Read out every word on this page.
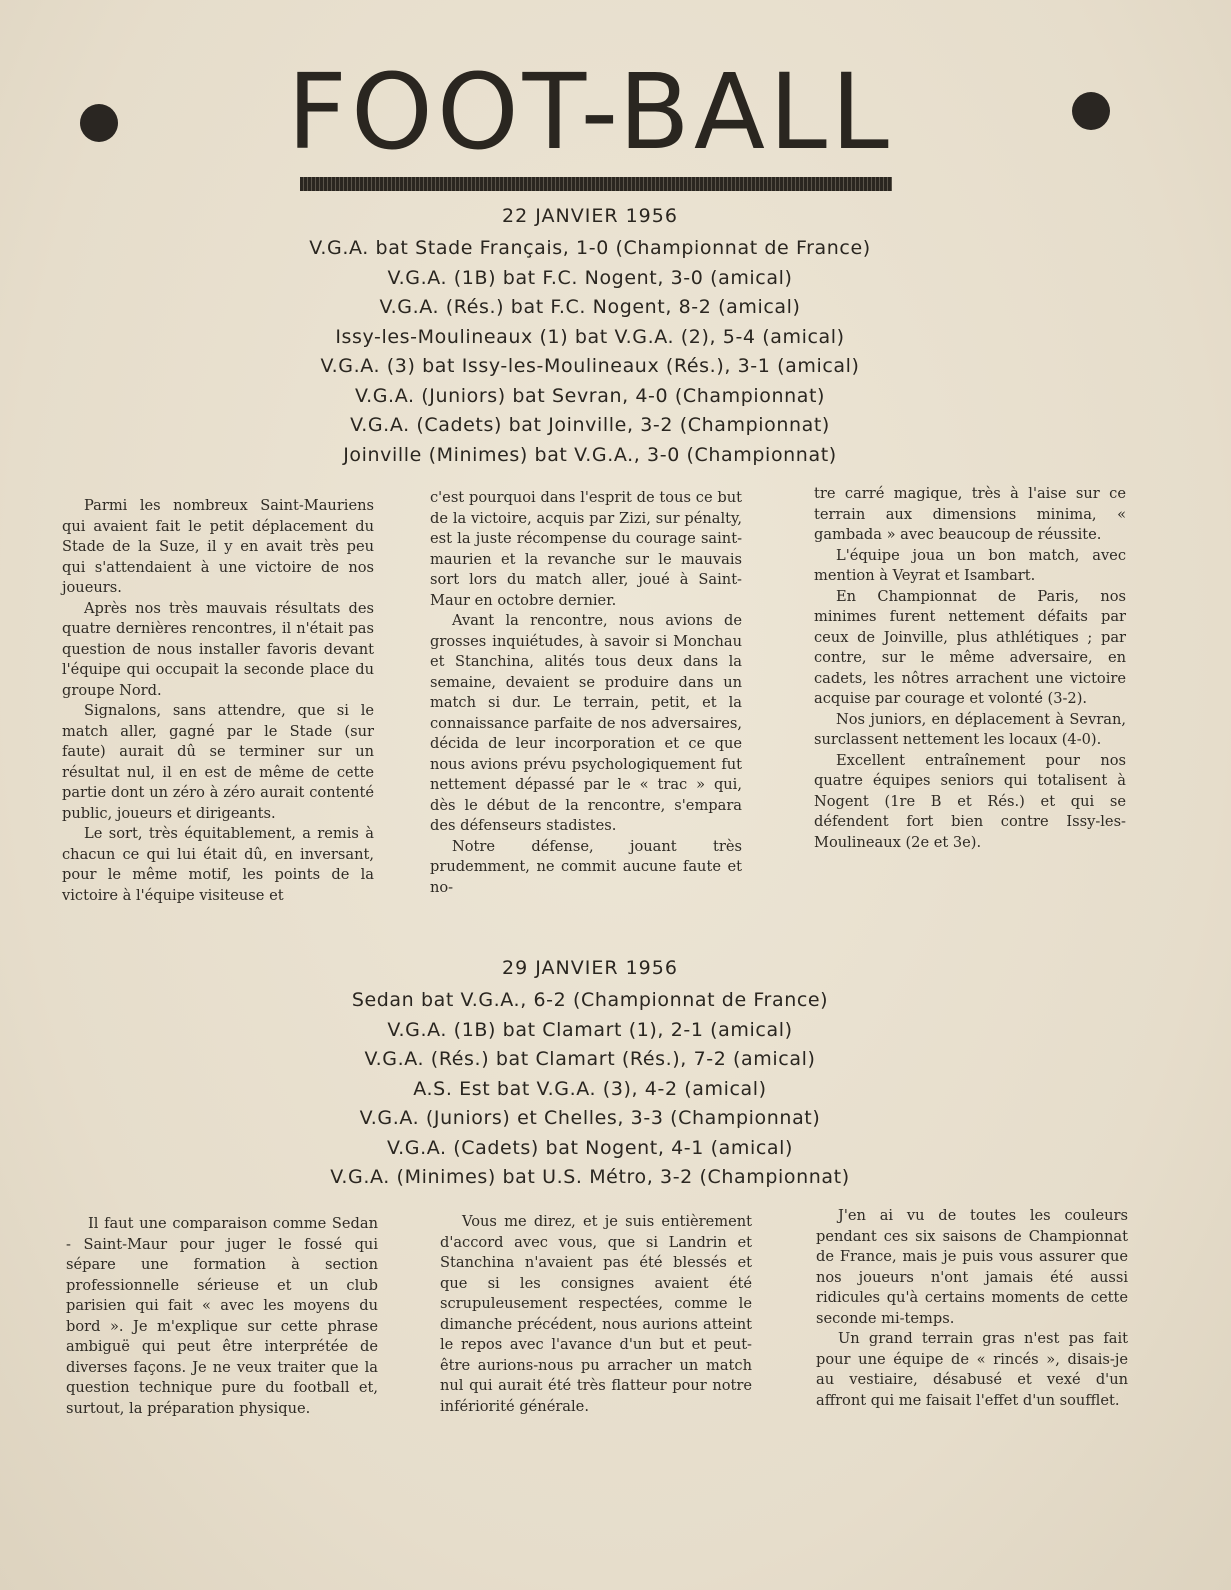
FOOT-BALL
22 JANVIER 1956
V.G.A. bat Stade Français, 1-0 (Championnat de France)
V.G.A. (1B) bat F.C. Nogent, 3-0 (amical)
V.G.A. (Rés.) bat F.C. Nogent, 8-2 (amical)
Issy-les-Moulineaux (1) bat V.G.A. (2), 5-4 (amical)
V.G.A. (3) bat Issy-les-Moulineaux (Rés.), 3-1 (amical)
V.G.A. (Juniors) bat Sevran, 4-0 (Championnat)
V.G.A. (Cadets) bat Joinville, 3-2 (Championnat)
Joinville (Minimes) bat V.G.A., 3-0 (Championnat)

Parmi les nombreux Saint-Mauriens qui avaient fait le petit déplacement du Stade de la Suze, il y en avait très peu qui s'attendaient à une victoire de nos joueurs.

Après nos très mauvais résultats des quatre dernières rencontres, il n'était pas question de nous installer favoris devant l'équipe qui occupait la seconde place du groupe Nord.

Signalons, sans attendre, que si le match aller, gagné par le Stade (sur faute) aurait dû se terminer sur un résultat nul, il en est de même de cette partie dont un zéro à zéro aurait contenté public, joueurs et dirigeants.

Le sort, très équitablement, a remis à chacun ce qui lui était dû, en inversant, pour le même motif, les points de la victoire à l'équipe visiteuse et

c'est pourquoi dans l'esprit de tous ce but de la victoire, acquis par Zizi, sur pénalty, est la juste récompense du courage saint-maurien et la revanche sur le mauvais sort lors du match aller, joué à Saint-Maur en octobre dernier.

Avant la rencontre, nous avions de grosses inquiétudes, à savoir si Monchau et Stanchina, alités tous deux dans la semaine, devaient se produire dans un match si dur. Le terrain, petit, et la connaissance parfaite de nos adversaires, décida de leur incorporation et ce que nous avions prévu psychologiquement fut nettement dépassé par le « trac » qui, dès le début de la rencontre, s'empara des défenseurs stadistes.

Notre défense, jouant très prudemment, ne commit aucune faute et no-

tre carré magique, très à l'aise sur ce terrain aux dimensions minima, « gambada » avec beaucoup de réussite.

L'équipe joua un bon match, avec mention à Veyrat et Isambart.

En Championnat de Paris, nos minimes furent nettement défaits par ceux de Joinville, plus athlétiques ; par contre, sur le même adversaire, en cadets, les nôtres arrachent une victoire acquise par courage et volonté (3-2).

Nos juniors, en déplacement à Sevran, surclassent nettement les locaux (4-0).

Excellent entraînement pour nos quatre équipes seniors qui totalisent à Nogent (1re B et Rés.) et qui se défendent fort bien contre Issy-les-Moulineaux (2e et 3e).

29 JANVIER 1956
Sedan bat V.G.A., 6-2 (Championnat de France)
V.G.A. (1B) bat Clamart (1), 2-1 (amical)
V.G.A. (Rés.) bat Clamart (Rés.), 7-2 (amical)
A.S. Est bat V.G.A. (3), 4-2 (amical)
V.G.A. (Juniors) et Chelles, 3-3 (Championnat)
V.G.A. (Cadets) bat Nogent, 4-1 (amical)
V.G.A. (Minimes) bat U.S. Métro, 3-2 (Championnat)

Il faut une comparaison comme Sedan - Saint-Maur pour juger le fossé qui sépare une formation à section professionnelle sérieuse et un club parisien qui fait « avec les moyens du bord ». Je m'explique sur cette phrase ambiguë qui peut être interprétée de diverses façons. Je ne veux traiter que la question technique pure du football et, surtout, la préparation physique.

Vous me direz, et je suis entièrement d'accord avec vous, que si Landrin et Stanchina n'avaient pas été blessés et que si les consignes avaient été scrupuleusement respectées, comme le dimanche précédent, nous aurions atteint le repos avec l'avance d'un but et peut-être aurions-nous pu arracher un match nul qui aurait été très flatteur pour notre infériorité générale.

J'en ai vu de toutes les couleurs pendant ces six saisons de Championnat de France, mais je puis vous assurer que nos joueurs n'ont jamais été aussi ridicules qu'à certains moments de cette seconde mi-temps.

Un grand terrain gras n'est pas fait pour une équipe de « rincés », disais-je au vestiaire, désabusé et vexé d'un affront qui me faisait l'effet d'un soufflet.
